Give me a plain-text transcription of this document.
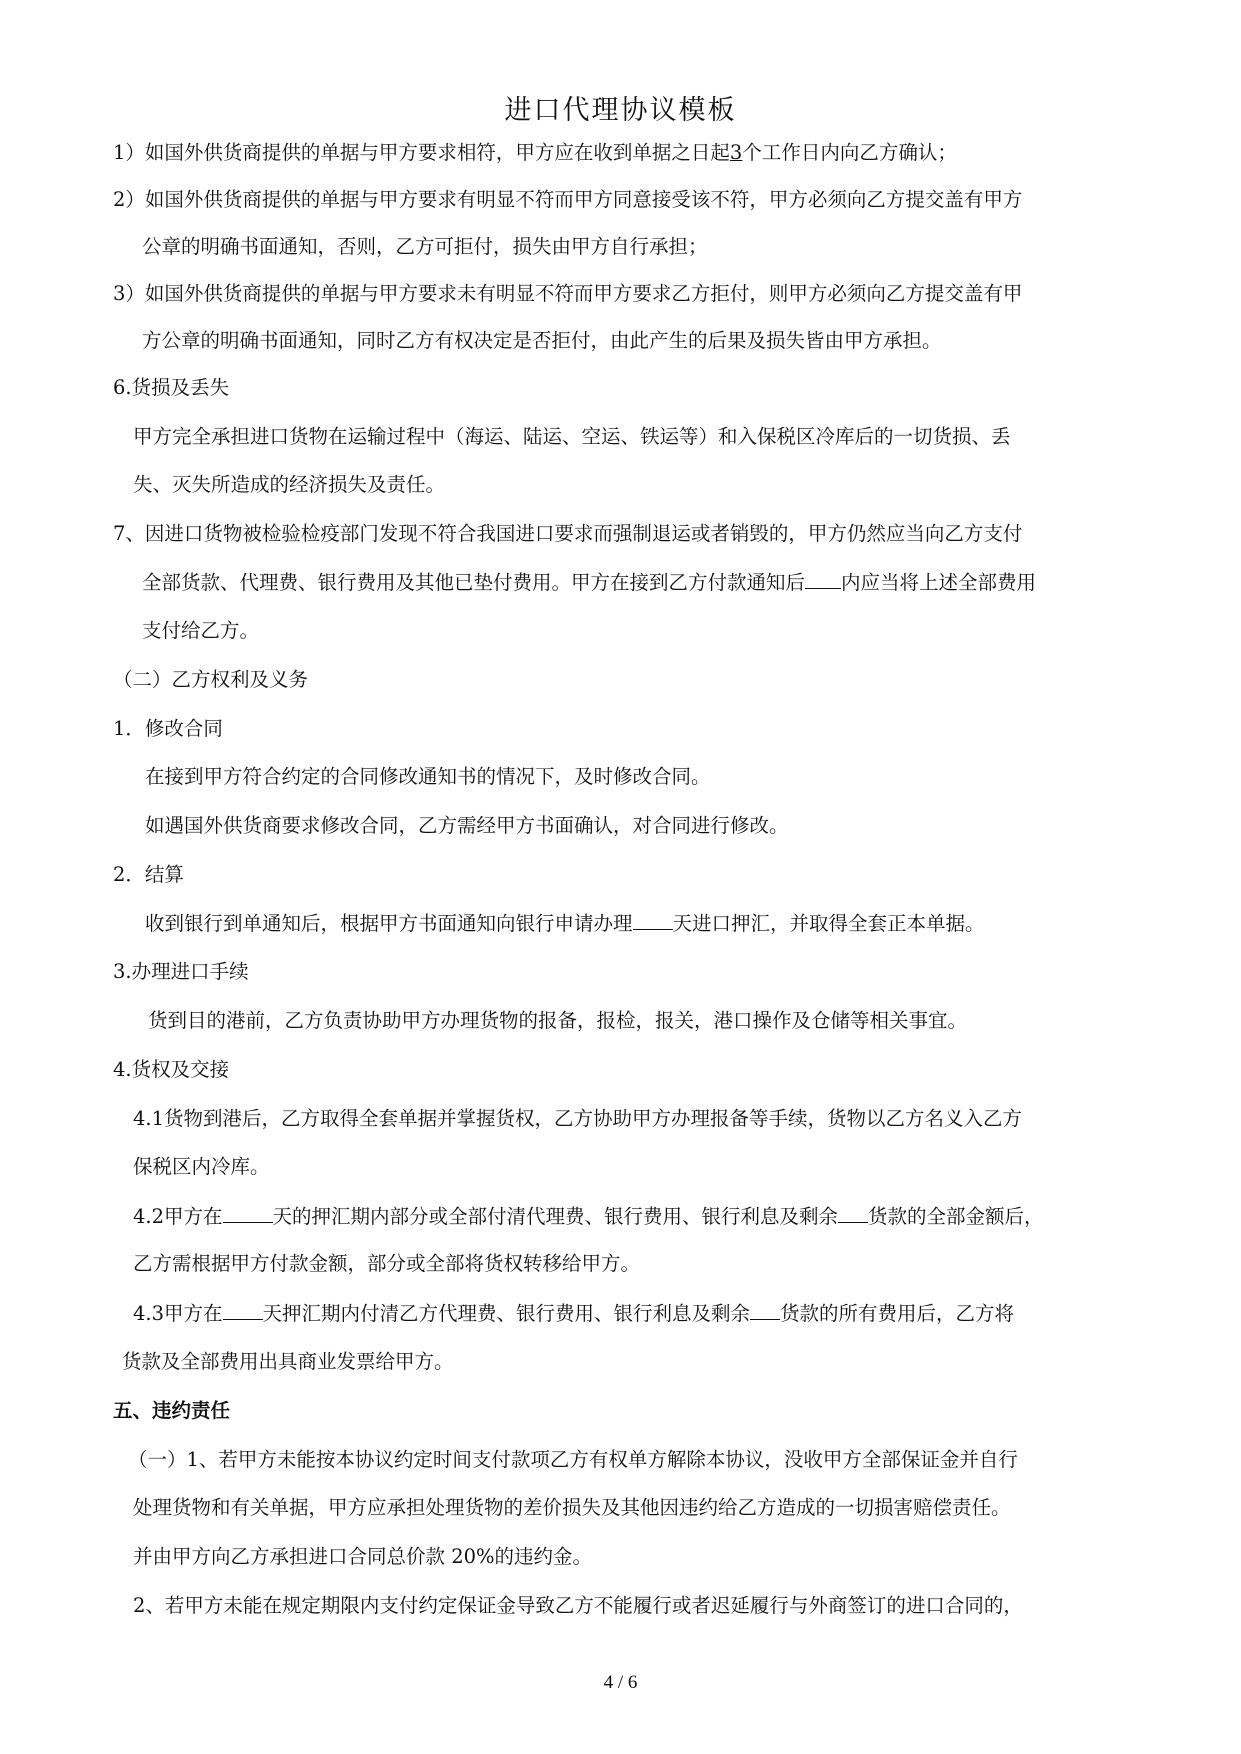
进口代理协议模板
1）如国外供货商提供的单据与甲方要求相符，甲方应在收到单据之日起3个工作日内向乙方确认；
2）如国外供货商提供的单据与甲方要求有明显不符而甲方同意接受该不符，甲方必须向乙方提交盖有甲方
公章的明确书面通知，否则，乙方可拒付，损失由甲方自行承担；
3）如国外供货商提供的单据与甲方要求未有明显不符而甲方要求乙方拒付，则甲方必须向乙方提交盖有甲
方公章的明确书面通知，同时乙方有权决定是否拒付，由此产生的后果及损失皆由甲方承担。
6.货损及丢失
甲方完全承担进口货物在运输过程中（海运、陆运、空运、铁运等）和入保税区冷库后的一切货损、丢
失、灭失所造成的经济损失及责任。
7、因进口货物被检验检疫部门发现不符合我国进口要求而强制退运或者销毁的，甲方仍然应当向乙方支付
全部货款、代理费、银行费用及其他已垫付费用。甲方在接到乙方付款通知后 内应当将上述全部费用
支付给乙方。
（二）乙方权利及义务
1．修改合同
在接到甲方符合约定的合同修改通知书的情况下，及时修改合同。
如遇国外供货商要求修改合同，乙方需经甲方书面确认，对合同进行修改。
2．结算
收到银行到单通知后，根据甲方书面通知向银行申请办理 天进口押汇，并取得全套正本单据。
3.办理进口手续
货到目的港前，乙方负责协助甲方办理货物的报备，报检，报关，港口操作及仓储等相关事宜。
4.货权及交接
4.1货物到港后，乙方取得全套单据并掌握货权，乙方协助甲方办理报备等手续，货物以乙方名义入乙方
保税区内冷库。
4.2甲方在	天的押汇期内部分或全部付清代理费、银行费用、银行利息及剩余 货款的全部金额后，
乙方需根据甲方付款金额，部分或全部将货权转移给甲方。
4.3甲方在 天押汇期内付清乙方代理费、银行费用、银行利息及剩余 货款的所有费用后，乙方将
货款及全部费用出具商业发票给甲方。
五、违约责任
（一）1、若甲方未能按本协议约定时间支付款项乙方有权单方解除本协议，没收甲方全部保证金并自行
处理货物和有关单据，甲方应承担处理货物的差价损失及其他因违约给乙方造成的一切损害赔偿责任。
并由甲方向乙方承担进口合同总价款 20%的违约金。
2、若甲方未能在规定期限内支付约定保证金导致乙方不能履行或者迟延履行与外商签订的进口合同的，
4 / 6
